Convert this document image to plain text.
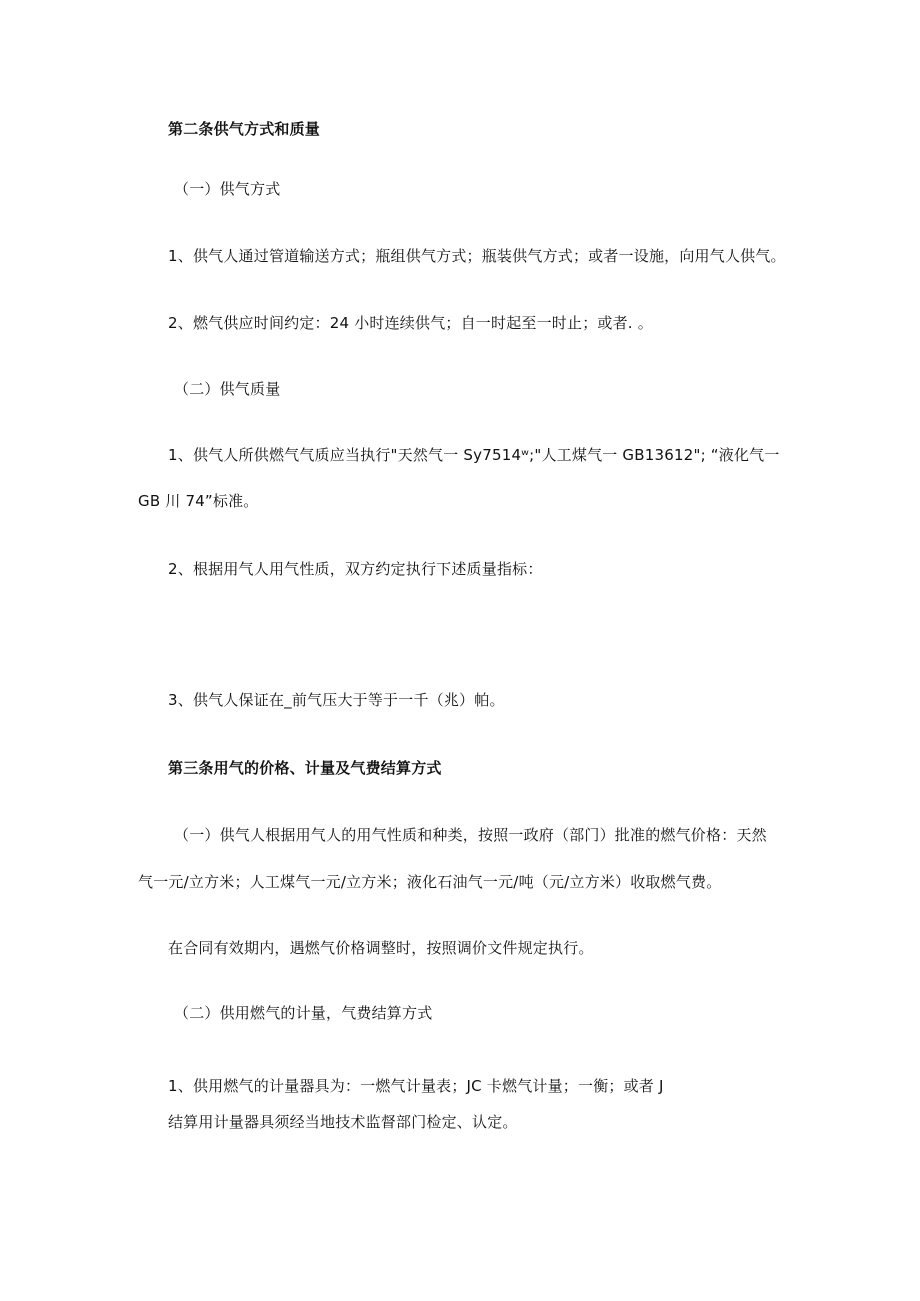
第二条供气方式和质量
（一）供气方式
1、供气人通过管道输送方式；瓶组供气方式；瓶装供气方式；或者一设施，向用气人供气。
2、燃气供应时间约定：24 小时连续供气；自一时起至一时止；或者. 。
（二）供气质量
1、供气人所供燃气气质应当执行"天然气一 Sy7514ʷ;"人工煤气一 GB13612"; “液化气一
GB 川 74”标准。
2、根据用气人用气性质，双方约定执行下述质量指标：
3、供气人保证在_前气压大于等于一千（兆）帕。
第三条用气的价格、计量及气费结算方式
（一）供气人根据用气人的用气性质和种类，按照一政府（部门）批准的燃气价格：天然
气一元/立方米；人工煤气一元/立方米；液化石油气一元/吨（元/立方米）收取燃气费。
在合同有效期内，遇燃气价格调整时，按照调价文件规定执行。
（二）供用燃气的计量，气费结算方式
1、供用燃气的计量器具为：一燃气计量表；JC 卡燃气计量；一衡；或者 J
结算用计量器具须经当地技术监督部门检定、认定。
